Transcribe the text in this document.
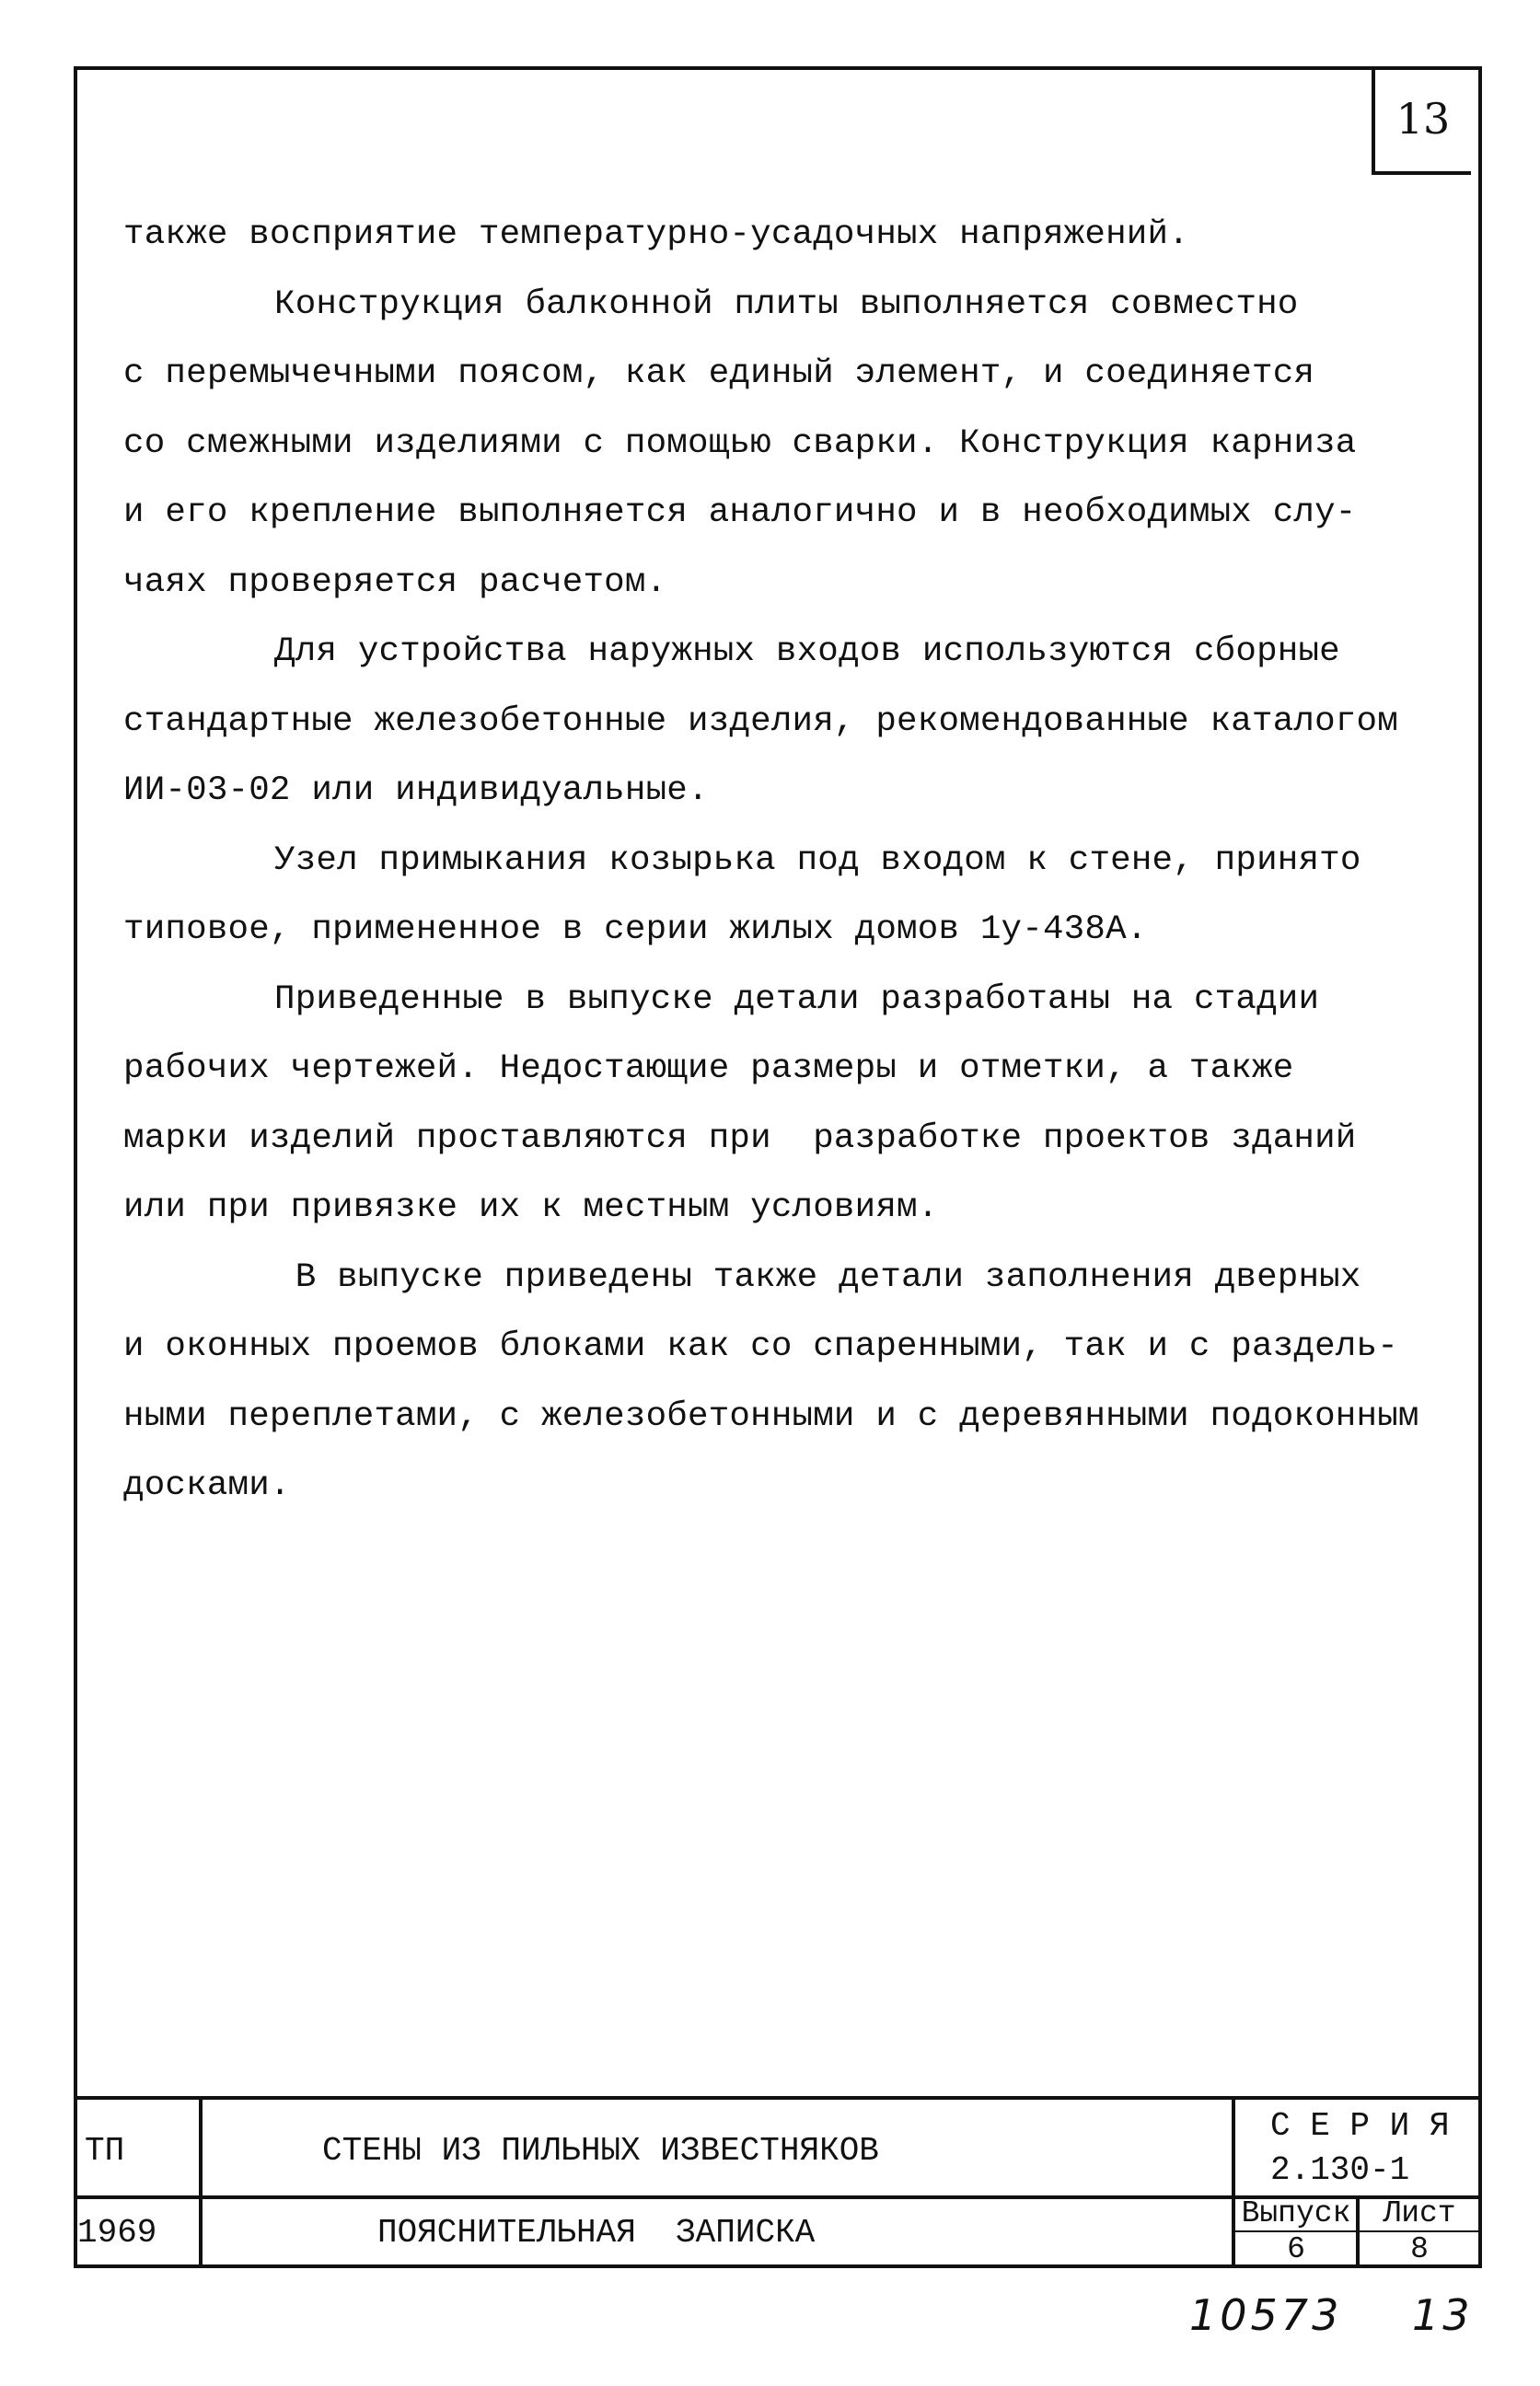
13
также восприятие температурно-усадочных напряжений.
Конструкция балконной плиты выполняется совместно
с перемычечными поясом, как единый элемент, и соединяется
со смежными изделиями с помощью сварки. Конструкция карниза
и его крепление выполняется аналогично и в необходимых слу-
чаях проверяется расчетом.
Для устройства наружных входов используются сборные
стандартные железобетонные изделия, рекомендованные каталогом
ИИ-03-02 или индивидуальные.
Узел примыкания козырька под входом к стене, принято
типовое, примененное в серии жилых домов 1у-438А.
Приведенные в выпуске детали разработаны на стадии
рабочих чертежей. Недостающие размеры и отметки, а также
марки изделий проставляются при  разработке проектов зданий
или при привязке их к местным условиям.
В выпуске приведены также детали заполнения дверных
и оконных проемов блоками как со спаренными, так и с раздель-
ными переплетами, с железобетонными и с деревянными подоконным
досками.
ТП
1969
СТЕНЫ ИЗ ПИЛЬНЫХ ИЗВЕСТНЯКОВ
ПОЯСНИТЕЛЬНАЯ  ЗАПИСКА
С Е Р И Я
2.130-1
Выпуск
6
Лист
8
10573 13
